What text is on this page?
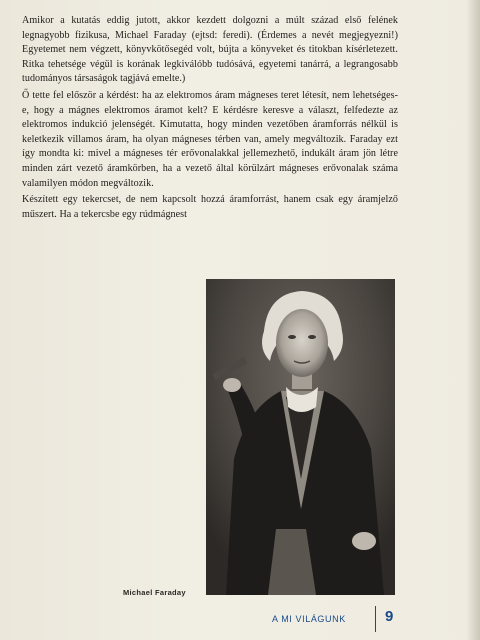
Amikor a kutatás eddig jutott, akkor kezdett dolgozni a múlt század első felének legnagyobb fizikusa, Michael Faraday (ejtsd: feredi). (Érdemes a nevét megjegyezni!) Egyetemet nem végzett, könyvkötősegéd volt, bújta a könyveket és titokban kísérletezett. Ritka tehetsége végül is korának legkiválóbb tudósává, egyetemi tanárrá, a legrangosabb tudományos társaságok tagjává emelte.)

Ő tette fel először a kérdést: ha az elektromos áram mágneses teret létesít, nem lehetséges-e, hogy a mágnes elektromos áramot kelt? E kérdésre keresve a választ, felfedezte az elektromos indukció jelenségét. Kimutatta, hogy minden vezetőben áramforrás nélkül is keletkezik villamos áram, ha olyan mágneses térben van, amely megváltozik. Faraday ezt így mondta ki: mivel a mágneses tér erővonalakkal jellemezhető, indukált áram jön létre minden zárt vezető áramkörben, ha a vezető által körülzárt mágneses erővonalak száma valamilyen módon megváltozik.

Készített egy tekercset, de nem kapcsolt hozzá áramforrást, hanem csak egy áramjelző műszert. Ha a tekercsbe egy rúdmágnest

Michael Faraday
A MI VILÁGUNK	9
